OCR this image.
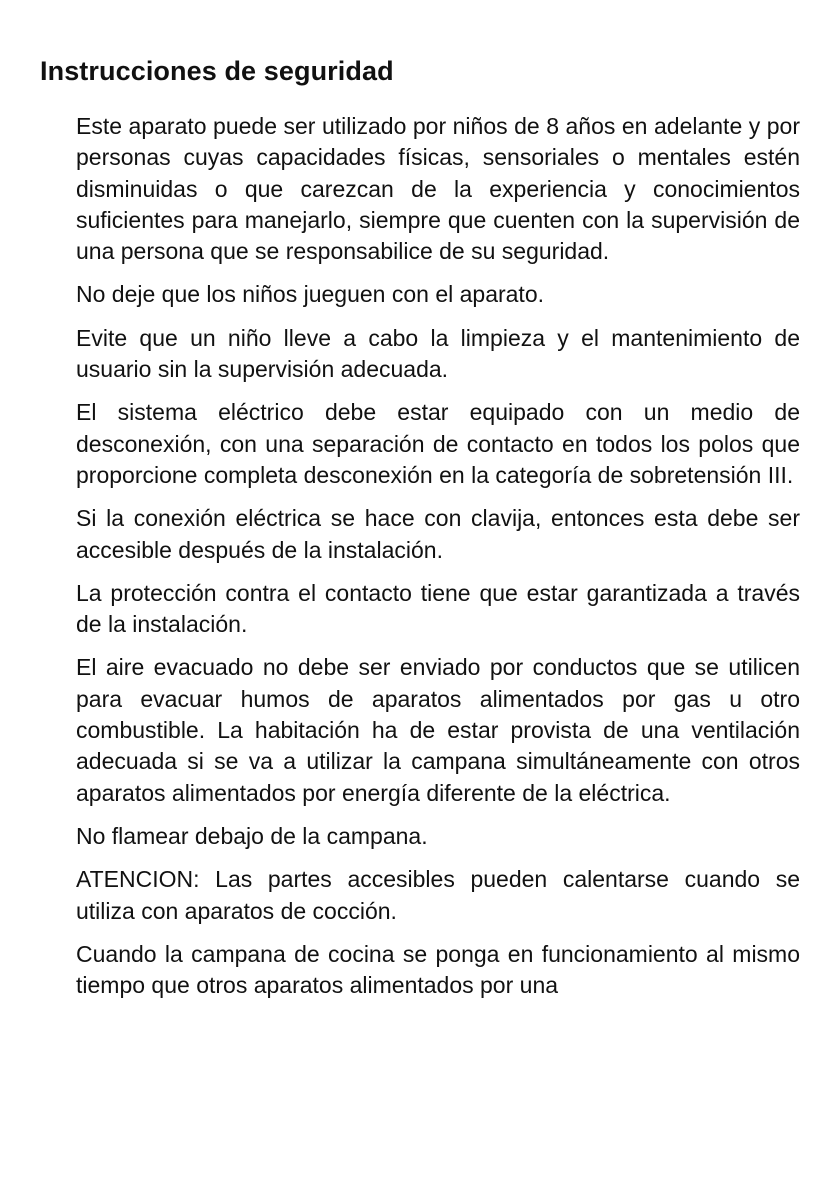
Instrucciones de seguridad

Este aparato puede ser utilizado por niños de 8 años en adelante y por personas cuyas capacidades físicas, sensoriales o mentales estén disminuidas o que carezcan de la experiencia y conocimientos suficientes para manejarlo, siempre que cuenten con la supervisión de una persona que se responsabilice de su seguridad.

No deje que los niños jueguen con el aparato.

Evite que un niño lleve a cabo la limpieza y el mantenimiento de usuario sin la supervisión adecuada.

El sistema eléctrico debe estar equipado con un medio de desconexión, con una separación de contacto en todos los polos que proporcione completa desconexión en la categoría de sobretensión III.

Si la conexión eléctrica se hace con clavija, entonces esta debe ser accesible después de la instalación.

La protección contra el contacto tiene que estar garantizada a través de la instalación.

El aire evacuado no debe ser enviado por conductos que se utilicen para evacuar humos de aparatos alimentados por gas u otro combustible. La habitación ha de estar provista de una ventilación adecuada si se va a utilizar la campana simultáneamente con otros aparatos alimentados por energía diferente de la eléctrica.

No flamear debajo de la campana.

ATENCION: Las partes accesibles pueden calentarse cuando se utiliza con aparatos de cocción.

Cuando la campana de cocina se ponga en funcionamiento al mismo tiempo que otros aparatos alimentados por una
